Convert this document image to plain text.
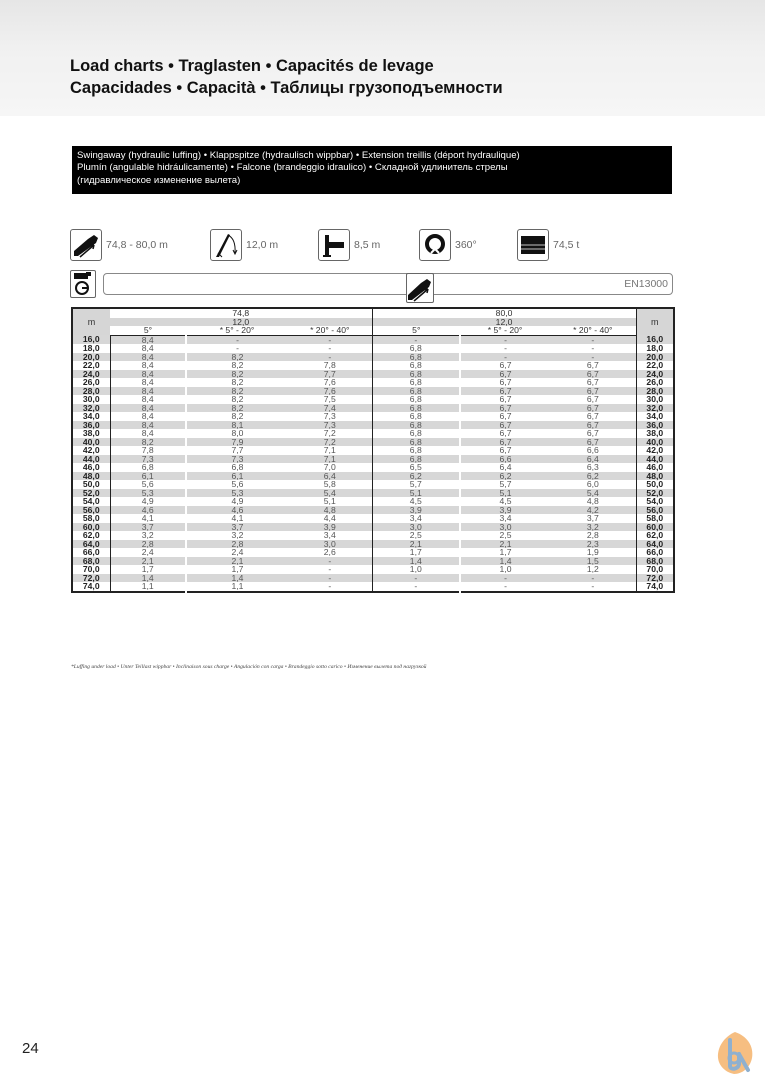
Load charts • Traglasten • Capacités de levage
Capacidades • Capacità • Таблицы грузоподъемности
Swingaway (hydraulic luffing) • Klappspitze (hydraulisch wippbar) • Extension treillis (déport hydraulique)
Plumín (angulable hidráulicamente) • Falcone (brandeggio idraulico) • Складной удлинитель стрелы
(гидравлическое изменение вылета)
74,8 - 80,0 m	12,0 m	8,5 m	360°	74,5 t
EN13000
m	74,8			80,0			m
	12,0			12,0			
	5°	* 5° - 20°	* 20° - 40°	5°	* 5° - 20°	* 20° - 40°	
16,0	8,4	-	-	-	-	-	16,0
18,0	8,4	-	-	6,8	-	-	18,0
20,0	8,4	8,2	-	6,8	-	-	20,0
22,0	8,4	8,2	7,8	6,8	6,7	6,7	22,0
24,0	8,4	8,2	7,7	6,8	6,7	6,7	24,0
26,0	8,4	8,2	7,6	6,8	6,7	6,7	26,0
28,0	8,4	8,2	7,6	6,8	6,7	6,7	28,0
30,0	8,4	8,2	7,5	6,8	6,7	6,7	30,0
32,0	8,4	8,2	7,4	6,8	6,7	6,7	32,0
34,0	8,4	8,2	7,3	6,8	6,7	6,7	34,0
36,0	8,4	8,1	7,3	6,8	6,7	6,7	36,0
38,0	8,4	8,0	7,2	6,8	6,7	6,7	38,0
40,0	8,2	7,9	7,2	6,8	6,7	6,7	40,0
42,0	7,8	7,7	7,1	6,8	6,7	6,6	42,0
44,0	7,3	7,3	7,1	6,8	6,6	6,4	44,0
46,0	6,8	6,8	7,0	6,5	6,4	6,3	46,0
48,0	6,1	6,1	6,4	6,2	6,2	6,2	48,0
50,0	5,6	5,6	5,8	5,7	5,7	6,0	50,0
52,0	5,3	5,3	5,4	5,1	5,1	5,4	52,0
54,0	4,9	4,9	5,1	4,5	4,5	4,8	54,0
56,0	4,6	4,6	4,8	3,9	3,9	4,2	56,0
58,0	4,1	4,1	4,4	3,4	3,4	3,7	58,0
60,0	3,7	3,7	3,9	3,0	3,0	3,2	60,0
62,0	3,2	3,2	3,4	2,5	2,5	2,8	62,0
64,0	2,8	2,8	3,0	2,1	2,1	2,3	64,0
66,0	2,4	2,4	2,6	1,7	1,7	1,9	66,0
68,0	2,1	2,1	-	1,4	1,4	1,5	68,0
70,0	1,7	1,7	-	1,0	1,0	1,2	70,0
72,0	1,4	1,4	-	-	-	-	72,0
74,0	1,1	1,1	-	-	-	-	74,0
*Luffing under load • Unter Teillast wippbar • Inclinaison sous charge • Angulación con carga • Brandeggio sotto carico • Изменение вылета под нагрузкой
24
